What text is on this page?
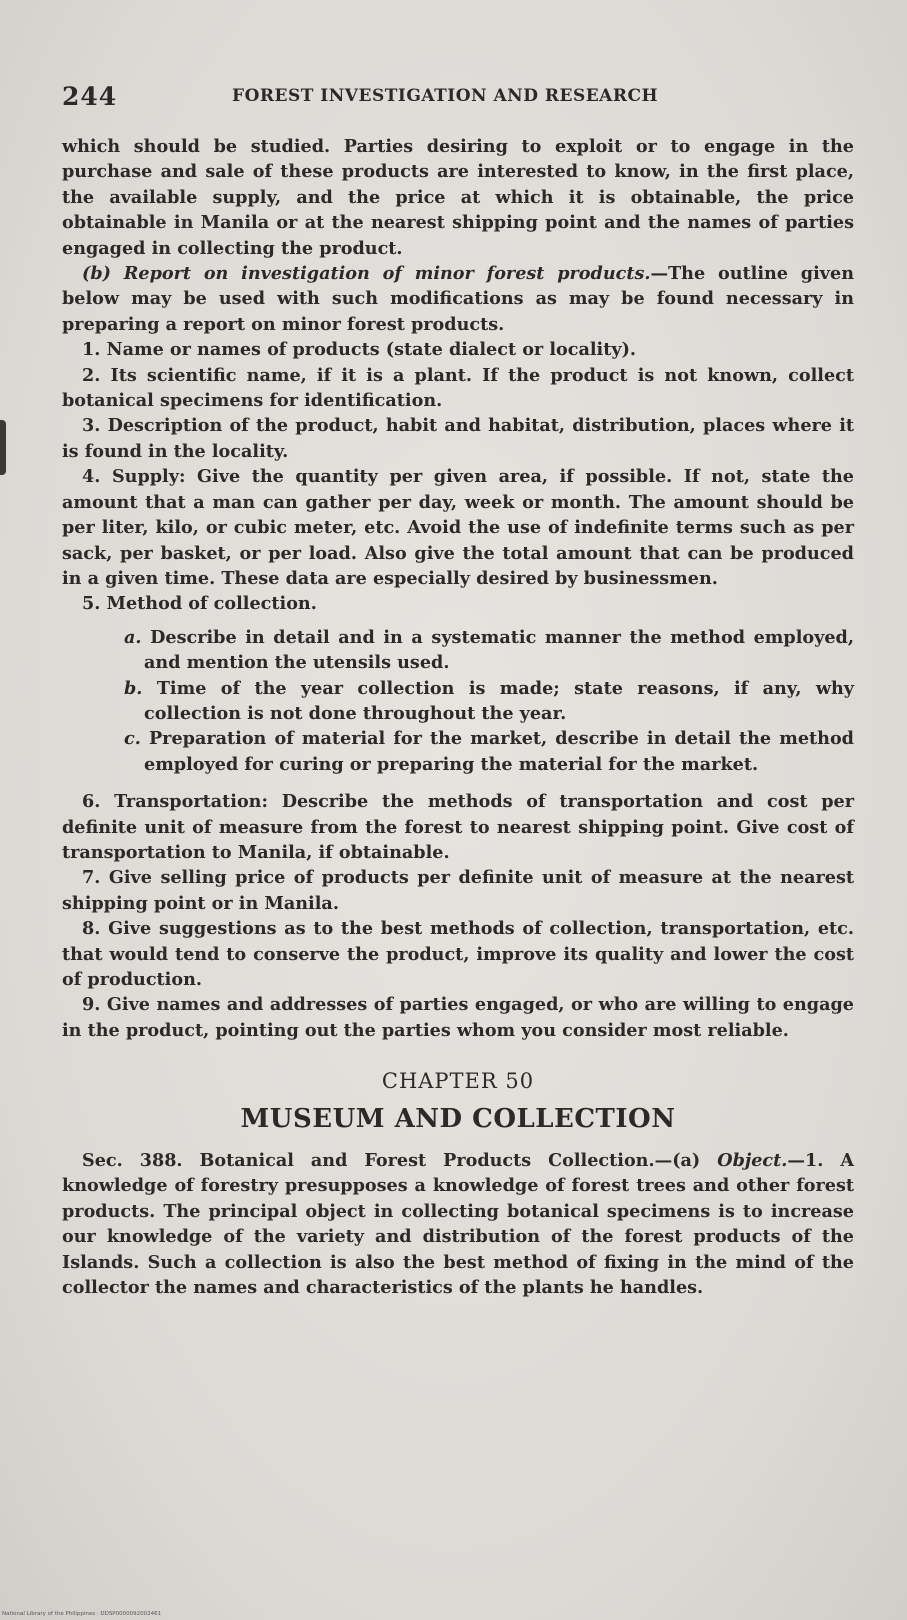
244	FOREST INVESTIGATION AND RESEARCH

which should be studied. Parties desiring to exploit or to engage in the purchase and sale of these products are interested to know, in the first place, the available supply, and the price at which it is obtainable, the price obtainable in Manila or at the nearest shipping point and the names of parties engaged in collecting the product.

(b) Report on investigation of minor forest products.—The outline given below may be used with such modifications as may be found necessary in preparing a report on minor forest products.

1. Name or names of products (state dialect or locality).

2. Its scientific name, if it is a plant. If the product is not known, collect botanical specimens for identification.

3. Description of the product, habit and habitat, distribution, places where it is found in the locality.

4. Supply: Give the quantity per given area, if possible. If not, state the amount that a man can gather per day, week or month. The amount should be per liter, kilo, or cubic meter, etc. Avoid the use of indefinite terms such as per sack, per basket, or per load. Also give the total amount that can be produced in a given time. These data are especially desired by businessmen.

5. Method of collection.

a. Describe in detail and in a systematic manner the method employed, and mention the utensils used.

b. Time of the year collection is made; state reasons, if any, why collection is not done throughout the year.

c. Preparation of material for the market, describe in detail the method employed for curing or preparing the material for the market.

6. Transportation: Describe the methods of transportation and cost per definite unit of measure from the forest to nearest shipping point. Give cost of transportation to Manila, if obtainable.

7. Give selling price of products per definite unit of measure at the nearest shipping point or in Manila.

8. Give suggestions as to the best methods of collection, transportation, etc. that would tend to conserve the product, improve its quality and lower the cost of production.

9. Give names and addresses of parties engaged, or who are willing to engage in the product, pointing out the parties whom you consider most reliable.

CHAPTER 50
MUSEUM AND COLLECTION

Sec. 388. Botanical and Forest Products Collection.—(a) Object.—1. A knowledge of forestry presupposes a knowledge of forest trees and other forest products. The principal object in collecting botanical specimens is to increase our knowledge of the variety and distribution of the forest products of the Islands. Such a collection is also the best method of fixing in the mind of the collector the names and characteristics of the plants he handles.

National Library of the Philippines · DDSP0000092002461
